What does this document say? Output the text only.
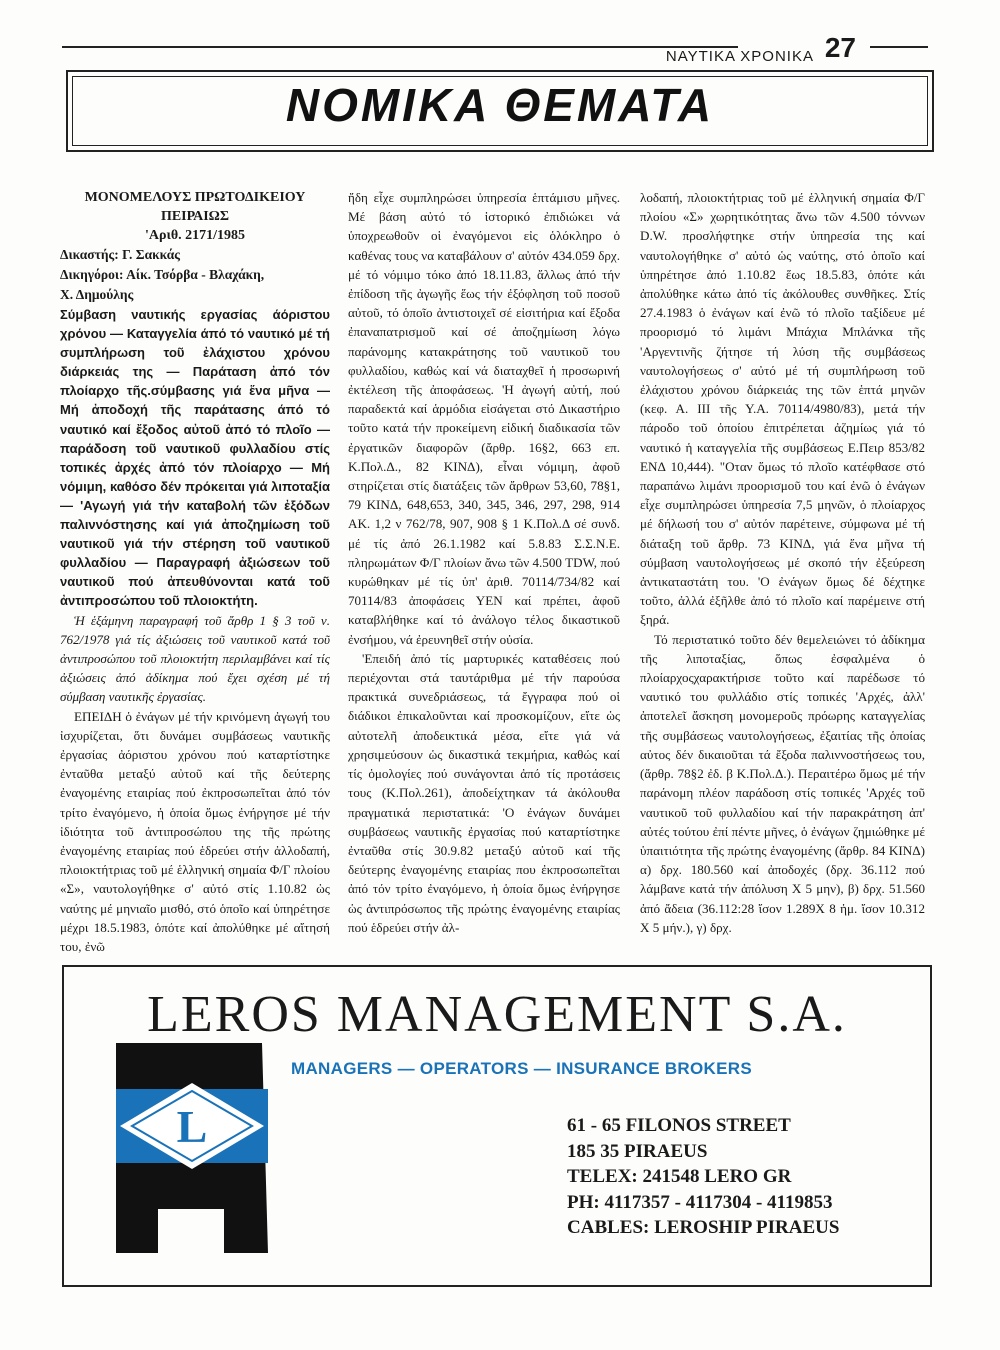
ΝΑΥΤΙΚΑ ΧΡΟΝΙΚΑ 27
ΝΟΜΙΚΑ ΘΕΜΑΤΑ

ΜΟΝΟΜΕΛΟΥΣ ΠΡΩΤΟΔΙΚΕΙΟΥ

ΠΕΙΡΑΙΩΣ

'Αριθ. 2171/1985

Δικαστής: Γ. Σακκάς

Δικηγόροι: Αίκ. Τσόρβα - Βλαχάκη,

Χ. Δημούλης

Σύμβαση ναυτικής εργασίας άόριστου χρόνου — Καταγγελία άπό τό ναυτικό μέ τή συμπλήρωση τοῦ ἐλάχιστου χρόνου διάρκειάς της — Παράταση ἀπό τόν πλοίαρχο τῆς.σύμβασης γιά ἕνα μῆνα — Μή ἀποδοχή τῆς παράτασης άπό τό ναυτικό καί ἔξοδος αὐτοῦ ἀπό τό πλοῖο — παράδοση τοῦ ναυτικοῦ φυλλαδίου στίς τοπικές ἀρχές ἀπό τόν πλοίαρχο — Μή νόμιμη, καθόσο δέν πρόκειται γιά λιποταξία — 'Αγωγή γιά τήν καταβολή τῶν ἐξόδων παλιννόστησης καί γιά ἀποζημίωση τοῦ ναυτικοῦ γιά τήν στέρηση τοῦ ναυτικοῦ φυλλαδίου — Παραγραφή ἀξιώσεων τοῦ ναυτικοῦ πού ἀπευθύνονται κατά τοῦ ἀντιπροσώπου τοῦ πλοιοκτήτη.

Ἡ ἑξάμηνη παραγραφή τοῦ ἄρθρ 1 § 3 τοῦ ν. 762/1978 γιά τίς ἀξιώσεις τοῦ ναυτικοῦ κατά τοῦ ἀντιπροσώπου τοῦ πλοιοκτήτη περιλαμβάνει καί τίς ἀξιώσεις ἀπό ἀδίκημα πού ἔχει σχέση μέ τή σύμβαση ναυτικῆς ἐργασίας.

ΕΠΕΙΔΗ ὁ ἐνάγων μέ τήν κρινόμενη ἀγωγή του ἰσχυρίζεται, ὅτι δυνάμει συμβάσεως ναυτικῆς ἐργασίας ἀόριστου χρόνου πού καταρτίστηκε ἐνταῦθα μεταξύ αὐτοῦ καί τῆς δεύτερης ἐναγομένης εταιρίας πού ἐκπροσωπεῖται ἀπό τόν τρίτο ἐναγόμενο, ἡ ὁποία ὅμως ἐνήργησε μέ τήν ἰδιότητα τοῦ ἀντιπροσώπου της τῆς πρώτης ἐναγομένης εταιρίας πού ἑδρεύει στήν ἀλλοδαπή, πλοιοκτήτριας τοῦ μέ ἑλληνική σημαία Φ/Γ πλοίου «Σ», ναυτολογήθηκε σ' αὐτό στίς 1.10.82 ὡς ναύτης μέ μηνιαῖο μισθό, στό ὁποῖο καί ὑπηρέτησε μέχρι 18.5.1983, ὁπότε καί ἀπολύθηκε μέ αἴτησή του, ἐνῶ

ἤδη εἶχε συμπληρώσει ὑπηρεσία ἑπτάμισυ μῆνες. Μέ βάση αὐτό τό ἱστορικό ἐπιδιώκει νά ὑποχρεωθοῦν οἱ ἐναγόμενοι εἰς ὁλόκληρο ὁ καθένας τους να καταβάλουν σ' αὐτόν 434.059 δρχ. μέ τό νόμιμο τόκο ἀπό 18.11.83, ἄλλως ἀπό τήν ἐπίδοση τῆς ἀγωγῆς ἕως τήν ἐξόφληση τοῦ ποσοῦ αὐτοῦ, τό ὁποῖο ἀντιστοιχεῖ σέ εἰσιτήρια καί ἔξοδα ἐπαναπατρισμοῦ καί σέ ἀποζημίωση λόγω παράνομης κατακράτησης τοῦ ναυτικοῦ του φυλλαδίου, καθώς καί νά διαταχθεῖ ἡ προσωρινή ἐκτέλεση τῆς ἀποφάσεως. 'Η ἀγωγή αὐτή, πού παραδεκτά καί ἁρμόδια εἰσάγεται στό Δικαστήριο τοῦτο κατά τήν προκείμενη εἰδική διαδικασία τῶν ἐργατικῶν διαφορῶν (ἄρθρ. 16§2, 663 επ. Κ.Πολ.Δ., 82 ΚΙΝΔ), εἶναι νόμιμη, ἀφοῦ στηρίζεται στίς διατάξεις τῶν ἄρθρων 53,60, 78§1, 79 ΚΙΝΔ, 648,653, 340, 345, 346, 297, 298, 914 ΑΚ. 1,2 ν 762/78, 907, 908 § 1 Κ.Πολ.Δ σέ συνδ. μέ τίς ἀπό 26.1.1982 καί 5.8.83 Σ.Σ.Ν.Ε. πληρωμάτων Φ/Γ πλοίων ἄνω τῶν 4.500 TDW, πού κυρώθηκαν μέ τίς ὑπ' ἀριθ. 70114/734/82 καί 70114/83 ἀποφάσεις ΥΕΝ καί πρέπει, ἀφοῦ καταβλήθηκε καί τό ἀνάλογο τέλος δικαστικοῦ ἐνσήμου, νά ἐρευνηθεῖ στήν οὐσία.

'Επειδή ἀπό τίς μαρτυρικές καταθέσεις πού περιέχονται στά ταυτάριθμα μέ τήν παρούσα πρακτικά συνεδριάσεως, τά ἔγγραφα πού οἱ διάδικοι ἐπικαλοῦνται καί προσκομίζουν, εἴτε ὡς αὐτοτελῆ ἀποδεικτικά μέσα, εἴτε γιά νά χρησιμεύσουν ὡς δικαστικά τεκμήρια, καθώς καί τίς ὁμολογίες πού συνάγονται ἀπό τίς προτάσεις τους (Κ.Πολ.261), ἀποδείχτηκαν τά ἀκόλουθα πραγματικά περιστατικά: 'Ο ἐνάγων δυνάμει συμβάσεως ναυτικῆς ἐργασίας πού καταρτίστηκε ἐνταῦθα στίς 30.9.82 μεταξύ αὐτοῦ καί τῆς δεύτερης ἐναγομένης εταιρίας που ἐκπροσωπεῖται ἀπό τόν τρίτο ἐναγόμενο, ἡ ὁποία ὅμως ἐνήργησε ὡς ἀντιπρόσωπος τῆς πρώτης ἐναγομένης εταιρίας πού ἑδρεύει στήν ἀλ-

λοδαπή, πλοιοκτήτριας τοῦ μέ ἑλληνική σημαία Φ/Γ πλοίου «Σ» χωρητικότητας ἄνω τῶν 4.500 τόννων D.W. προσλήφτηκε στήν ὑπηρεσία της καί ναυτολογήθηκε σ' αὐτό ὡς ναύτης, στό ὁποῖο καί ὑπηρέτησε ἀπό 1.10.82 ἕως 18.5.83, ὁπότε κάι ἀπολύθηκε κάτω ἀπό τίς ἀκόλουθες συνθῆκες. Στίς 27.4.1983 ὁ ἐνάγων καί ἐνῶ τό πλοῖο ταξίδευε μέ προορισμό τό λιμάνι Μπάχια Μπλάνκα τῆς 'Αργεντινῆς ζήτησε τή λύση τῆς συμβάσεως ναυτολογήσεως σ' αὐτό μέ τή συμπλήρωση τοῦ ἐλάχιστου χρόνου διάρκειάς της τῶν ἑπτά μηνῶν (κεφ. Α. III τῆς Υ.Α. 70114/4980/83), μετά τήν πάροδο τοῦ ὁποίου ἐπιτρέπεται ἀζημίως γιά τό ναυτικό ἡ καταγγελία τῆς συμβάσεως Ε.Πειρ 853/82 ΕΝΔ 10,444). "Οταν ὅμως τό πλοῖο κατέφθασε στό παραπάνω λιμάνι προορισμοῦ του καί ἐνῶ ὁ ἐνάγων εἶχε συμπληρώσει ὑπηρεσία 7,5 μηνῶν, ὁ πλοίαρχος μέ δήλωσή του σ' αὐτόν παρέτεινε, σύμφωνα μέ τή διάταξη τοῦ ἄρθρ. 73 ΚΙΝΔ, γιά ἕνα μῆνα τή σύμβαση ναυτολογήσεως μέ σκοπό τήν ἐξεύρεση ἀντικαταστάτη του. 'Ο ἐνάγων ὅμως δέ δέχτηκε τοῦτο, ἀλλά ἐξῆλθε ἀπό τό πλοῖο καί παρέμεινε στή ξηρά.

Τό περιστατικό τοῦτο δέν θεμελειώνει τό ἀδίκημα τῆς λιποταξίας, ὅπως ἐσφαλμένα ὁ πλοίαρχοςχαρακτήρισε τοῦτο καί παρέδωσε τό ναυτικό του φυλλάδιο στίς τοπικές 'Αρχές, ἀλλ' ἀποτελεῖ ἄσκηση μονομεροῦς πρόωρης καταγγελίας τῆς συμβάσεως ναυτολογήσεως, ἐξαιτίας τῆς ὁποίας αὐτος δέν δικαιοῦται τά ἔξοδα παλιννοστήσεως του, (ἄρθρ. 78§2 ἐδ. β Κ.Πολ.Δ.). Περαιτέρω ὅμως μέ τήν παράνομη πλέον παράδοση στίς τοπικές 'Αρχές τοῦ ναυτικοῦ τοῦ φυλλαδίου καί τήν παρακράτηση ἀπ' αὐτές τούτου ἐπί πέντε μῆνες, ὁ ἐνάγων ζημιώθηκε μέ ὑπαιτιότητα τῆς πρώτης ἐναγομένης (ἄρθρ. 84 ΚΙΝΔ) α) δρχ. 180.560 καί ἀποδοχές (δρχ. 36.112 πού λάμβανε κατά τήν ἀπόλυση Χ 5 μην), β) δρχ. 51.560 ἀπό ἄδεια (36.112:28 ἴσον 1.289Χ 8 ἡμ. ἴσον 10.312 Χ 5 μήν.), γ) δρχ.

LEROS MANAGEMENT S.A.
MANAGERS — OPERATORS — INSURANCE BROKERS
L	61 - 65 FILONOS STREET
185 35 PIRAEUS
TELEX: 241548 LERO GR
PH: 4117357 - 4117304 - 4119853
CABLES: LEROSHIP PIRAEUS
